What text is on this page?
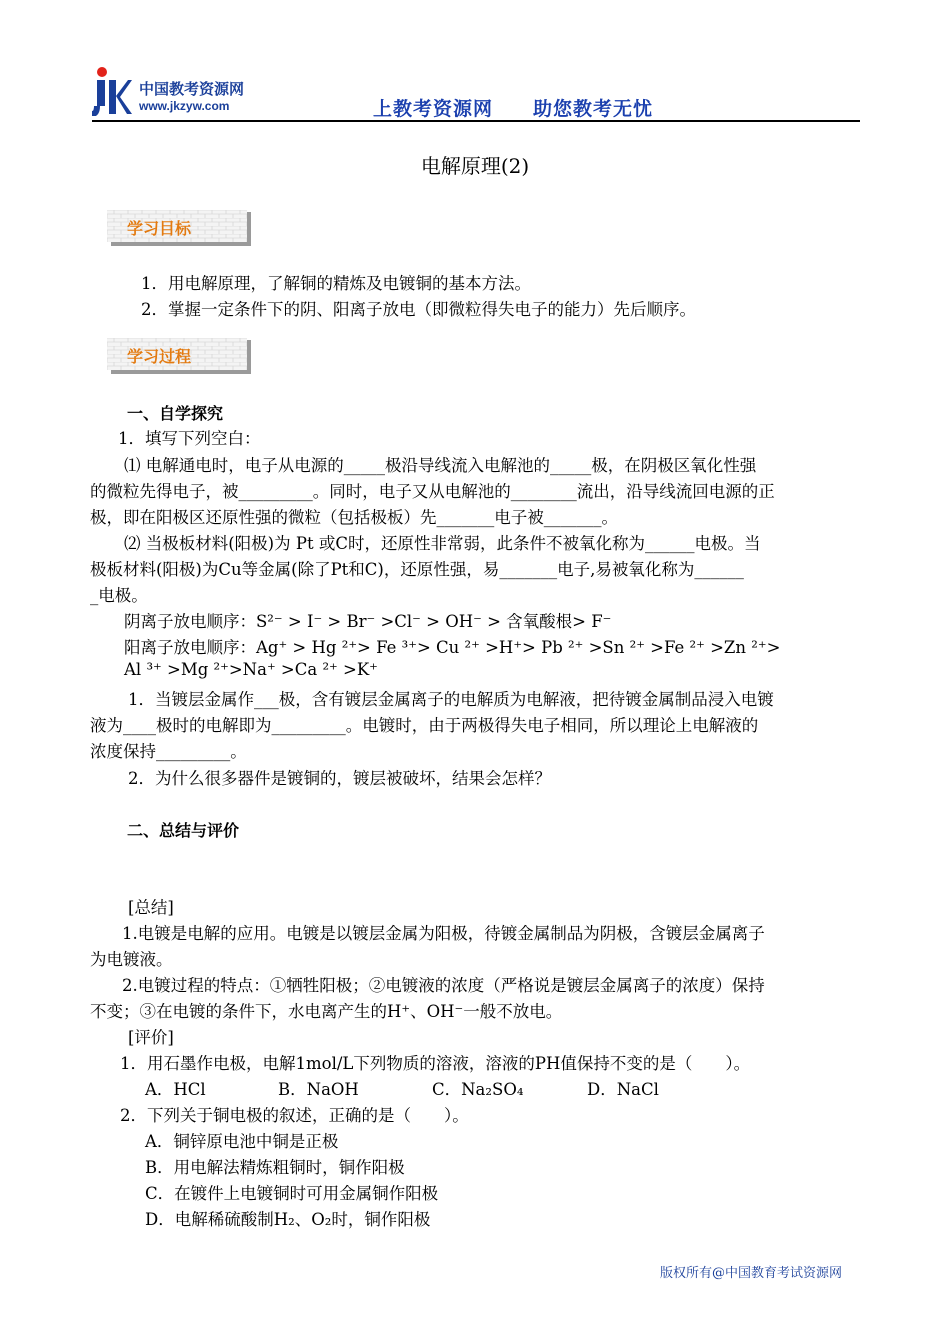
中国教考资源网
www.jkzyw.com	上教考资源网　　助您教考无忧
电解原理(2)
学习目标
1．用电解原理，了解铜的精炼及电镀铜的基本方法。
2．掌握一定条件下的阴、阳离子放电（即微粒得失电子的能力）先后顺序。
学习过程
一、自学探究
1．填写下列空白：
⑴ 电解通电时，电子从电源的_____极沿导线流入电解池的_____极，在阴极区氧化性强
的微粒先得电子，被_________。同时，电子又从电解池的________流出，沿导线流回电源的正
极，即在阳极区还原性强的微粒（包括极板）先_______电子被_______。
⑵ 当极板材料(阳极)为 Pt 或C时，还原性非常弱，此条件不被氧化称为______电极。当
极板材料(阳极)为Cu等金属(除了Pt和C)，还原性强，易_______电子,易被氧化称为______
_电极。
阴离子放电顺序：S²⁻ > I⁻ > Br⁻ >Cl⁻ > OH⁻ > 含氧酸根> F⁻
阳离子放电顺序：Ag⁺ > Hg ²⁺> Fe ³⁺> Cu ²⁺ >H⁺> Pb ²⁺ >Sn ²⁺ >Fe ²⁺ >Zn ²⁺>
Al ³⁺ >Mg ²⁺>Na⁺ >Ca ²⁺ >K⁺
1．当镀层金属作___极，含有镀层金属离子的电解质为电解液，把待镀金属制品浸入电镀
液为____极时的电解即为_________。电镀时，由于两极得失电子相同，所以理论上电解液的
浓度保持_________。
2．为什么很多器件是镀铜的，镀层被破坏，结果会怎样？
二、总结与评价
[总结]
1.电镀是电解的应用。电镀是以镀层金属为阳极，待镀金属制品为阴极，含镀层金属离子
为电镀液。
2.电镀过程的特点：①牺牲阳极；②电镀液的浓度（严格说是镀层金属离子的浓度）保持
不变；③在电镀的条件下，水电离产生的H⁺、OH⁻一般不放电。
[评价]
1．用石墨作电极，电解1mol/L下列物质的溶液，溶液的PH值保持不变的是（　　）。
A．HCl	B．NaOH	C．Na₂SO₄	D．NaCl
2．下列关于铜电极的叙述，正确的是（　　）。
A．铜锌原电池中铜是正极
B．用电解法精炼粗铜时，铜作阳极
C．在镀件上电镀铜时可用金属铜作阳极
D．电解稀硫酸制H₂、O₂时，铜作阳极
版权所有@中国教育考试资源网
